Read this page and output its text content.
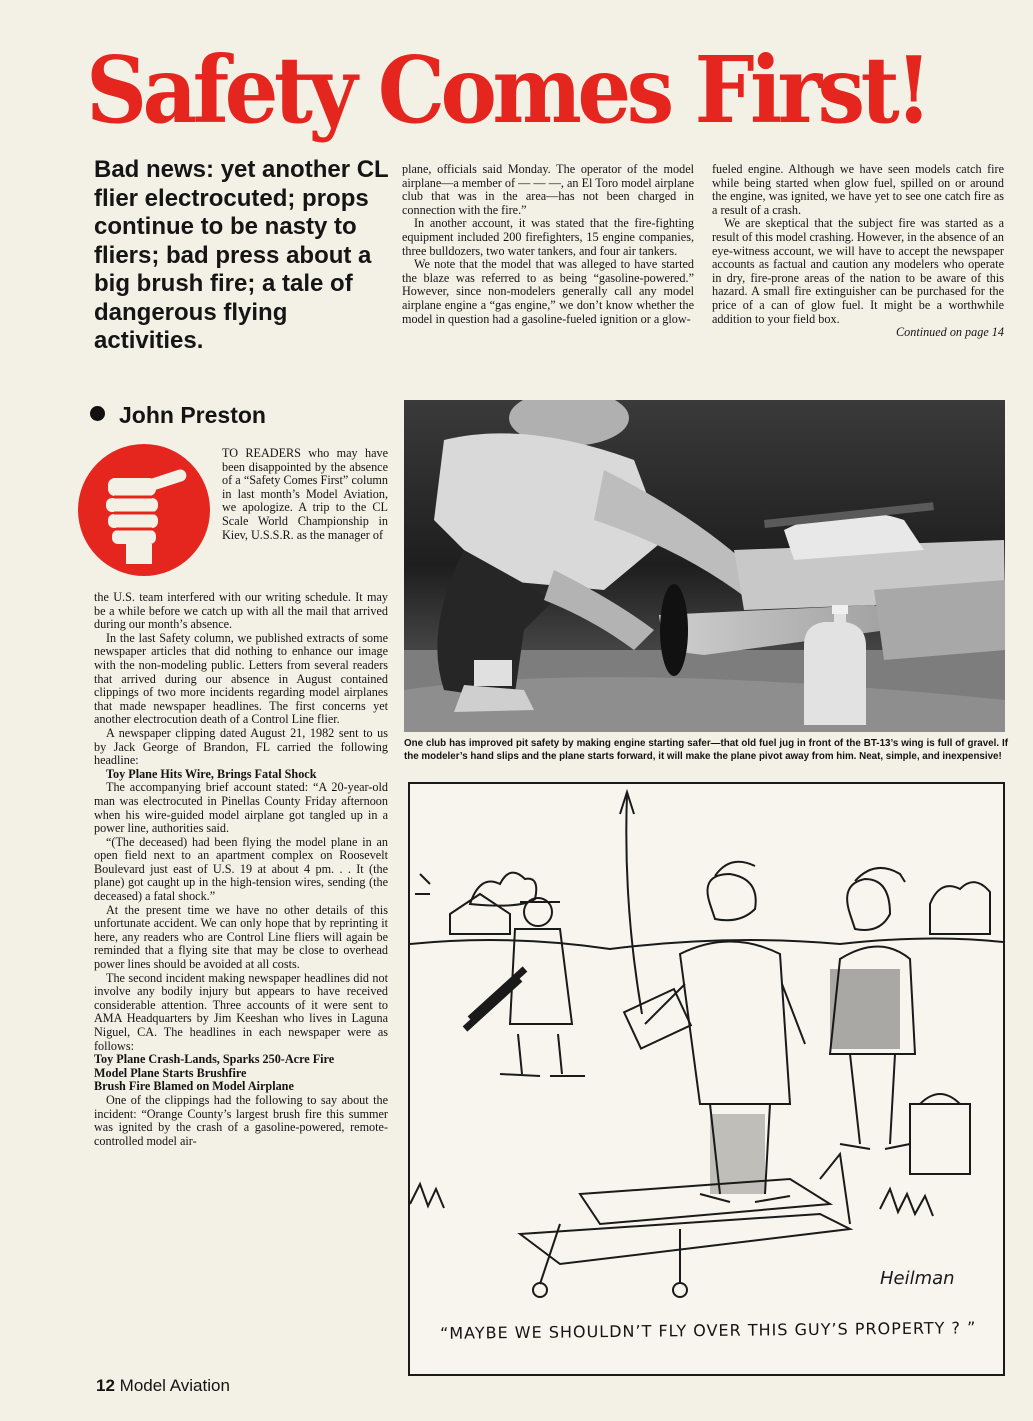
Safety Comes First!
Bad news: yet another CL flier electrocuted; props continue to be nasty to fliers; bad press about a big brush fire; a tale of dangerous flying activities.
John Preston

TO READERS who may have been disappointed by the absence of a “Safety Comes First” column in last month’s Model Aviation, we apologize. A trip to the CL Scale World Championship in Kiev, U.S.S.R. as the manager of

the U.S. team interfered with our writing schedule. It may be a while before we catch up with all the mail that arrived during our month’s absence.

In the last Safety column, we published extracts of some newspaper articles that did nothing to enhance our image with the non-modeling public. Letters from several readers that arrived during our absence in August contained clippings of two more incidents regarding model airplanes that made newspaper headlines. The first concerns yet another electrocution death of a Control Line flier.

A newspaper clipping dated August 21, 1982 sent to us by Jack George of Brandon, FL carried the following headline:

Toy Plane Hits Wire, Brings Fatal Shock

The accompanying brief account stated: “A 20-year-old man was electrocuted in Pinellas County Friday afternoon when his wire-guided model airplane got tangled up in a power line, authorities said.

“(The deceased) had been flying the model plane in an open field next to an apartment complex on Roosevelt Boulevard just east of U.S. 19 at about 4 pm. . . It (the plane) got caught up in the high-tension wires, sending (the deceased) a fatal shock.”

At the present time we have no other details of this unfortunate accident. We can only hope that by reprinting it here, any readers who are Control Line fliers will again be reminded that a flying site that may be close to overhead power lines should be avoided at all costs.

The second incident making newspaper headlines did not involve any bodily injury but appears to have received considerable attention. Three accounts of it were sent to AMA Headquarters by Jim Keeshan who lives in Laguna Niguel, CA. The headlines in each newspaper were as follows:

Toy Plane Crash-Lands, Sparks 250-Acre Fire

Model Plane Starts Brushfire

Brush Fire Blamed on Model Airplane

One of the clippings had the following to say about the incident: “Orange County’s largest brush fire this summer was ignited by the crash of a gasoline-powered, remote-controlled model air-

plane, officials said Monday. The operator of the model airplane—a member of — — —, an El Toro model airplane club that was in the area—has not been charged in connection with the fire.”

In another account, it was stated that the fire-fighting equipment included 200 firefighters, 15 engine companies, three bulldozers, two water tankers, and four air tankers.

We note that the model that was alleged to have started the blaze was referred to as being “gasoline-powered.” However, since non-modelers generally call any model airplane engine a “gas engine,” we don’t know whether the model in question had a gasoline-fueled ignition or a glow-

fueled engine. Although we have seen models catch fire while being started when glow fuel, spilled on or around the engine, was ignited, we have yet to see one catch fire as a result of a crash.

We are skeptical that the subject fire was started as a result of this model crashing. However, in the absence of an eye-witness account, we will have to accept the newspaper accounts as factual and caution any modelers who operate in dry, fire-prone areas of the nation to be aware of this hazard. A small fire extinguisher can be purchased for the price of a can of glow fuel. It might be a worthwhile addition to your field box.

Continued on page 14

One club has improved pit safety by making engine starting safer—that old fuel jug in front of the BT-13’s wing is full of gravel. If the modeler’s hand slips and the plane starts forward, it will make the plane pivot away from him. Neat, simple, and inexpensive!
Heilman
“MAYBE WE SHOULDN’T FLY OVER THIS GUY’S PROPERTY ? ”
12 Model Aviation
